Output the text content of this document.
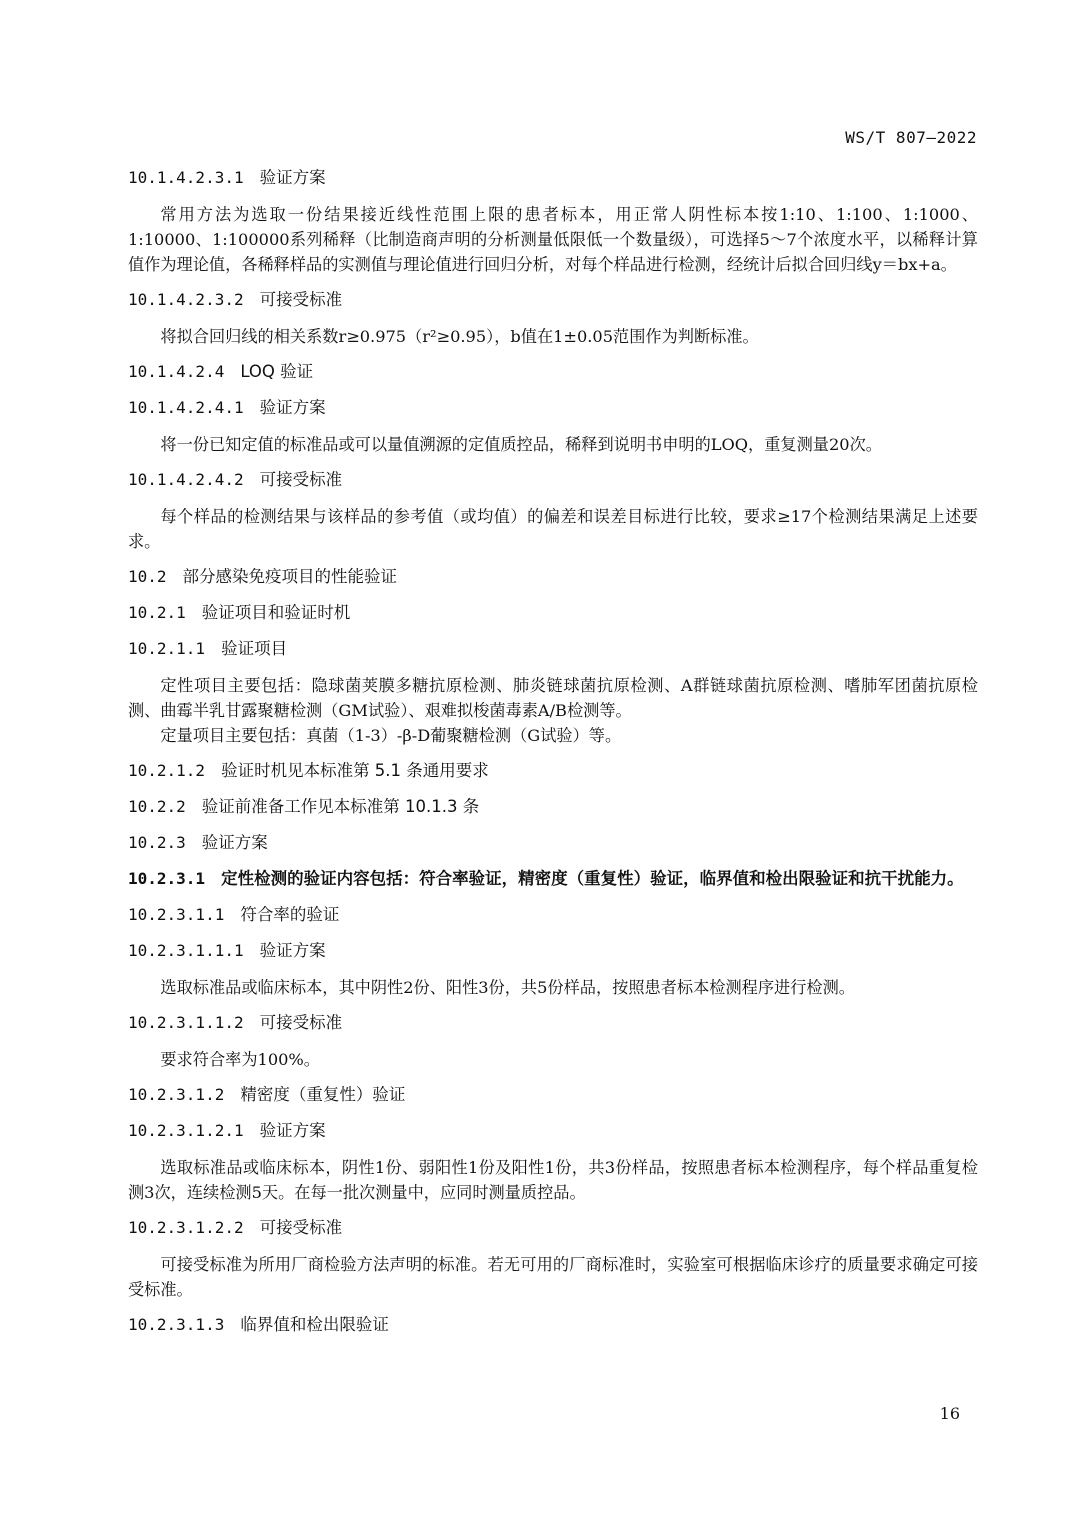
WS/T 807—2022
10.1.4.2.3.1 验证方案

常用方法为选取一份结果接近线性范围上限的患者标本，用正常人阴性标本按1:10、1:100、1:1000、1:10000、1:100000系列稀释（比制造商声明的分析测量低限低一个数量级），可选择5～7个浓度水平，以稀释计算值作为理论值，各稀释样品的实测值与理论值进行回归分析，对每个样品进行检测，经统计后拟合回归线y＝bx+a。

10.1.4.2.3.2 可接受标准

将拟合回归线的相关系数r≥0.975（r²≥0.95），b值在1±0.05范围作为判断标准。

10.1.4.2.4 LOQ 验证
10.1.4.2.4.1 验证方案

将一份已知定值的标准品或可以量值溯源的定值质控品，稀释到说明书申明的LOQ，重复测量20次。

10.1.4.2.4.2 可接受标准

每个样品的检测结果与该样品的参考值（或均值）的偏差和误差目标进行比较，要求≥17个检测结果满足上述要求。

10.2 部分感染免疫项目的性能验证
10.2.1 验证项目和验证时机
10.2.1.1 验证项目

定性项目主要包括：隐球菌荚膜多糖抗原检测、肺炎链球菌抗原检测、A群链球菌抗原检测、嗜肺军团菌抗原检测、曲霉半乳甘露聚糖检测（GM试验）、艰难拟梭菌毒素A/B检测等。

定量项目主要包括：真菌（1-3）-β-D葡聚糖检测（G试验）等。

10.2.1.2 验证时机见本标准第 5.1 条通用要求
10.2.2 验证前准备工作见本标准第 10.1.3 条
10.2.3 验证方案
10.2.3.1 定性检测的验证内容包括：符合率验证，精密度（重复性）验证，临界值和检出限验证和抗干扰能力。
10.2.3.1.1 符合率的验证
10.2.3.1.1.1 验证方案

选取标准品或临床标本，其中阴性2份、阳性3份，共5份样品，按照患者标本检测程序进行检测。

10.2.3.1.1.2 可接受标准

要求符合率为100%。

10.2.3.1.2 精密度（重复性）验证
10.2.3.1.2.1 验证方案

选取标准品或临床标本，阴性1份、弱阳性1份及阳性1份，共3份样品，按照患者标本检测程序，每个样品重复检测3次，连续检测5天。在每一批次测量中，应同时测量质控品。

10.2.3.1.2.2 可接受标准

可接受标准为所用厂商检验方法声明的标准。若无可用的厂商标准时，实验室可根据临床诊疗的质量要求确定可接受标准。

10.2.3.1.3 临界值和检出限验证
16
